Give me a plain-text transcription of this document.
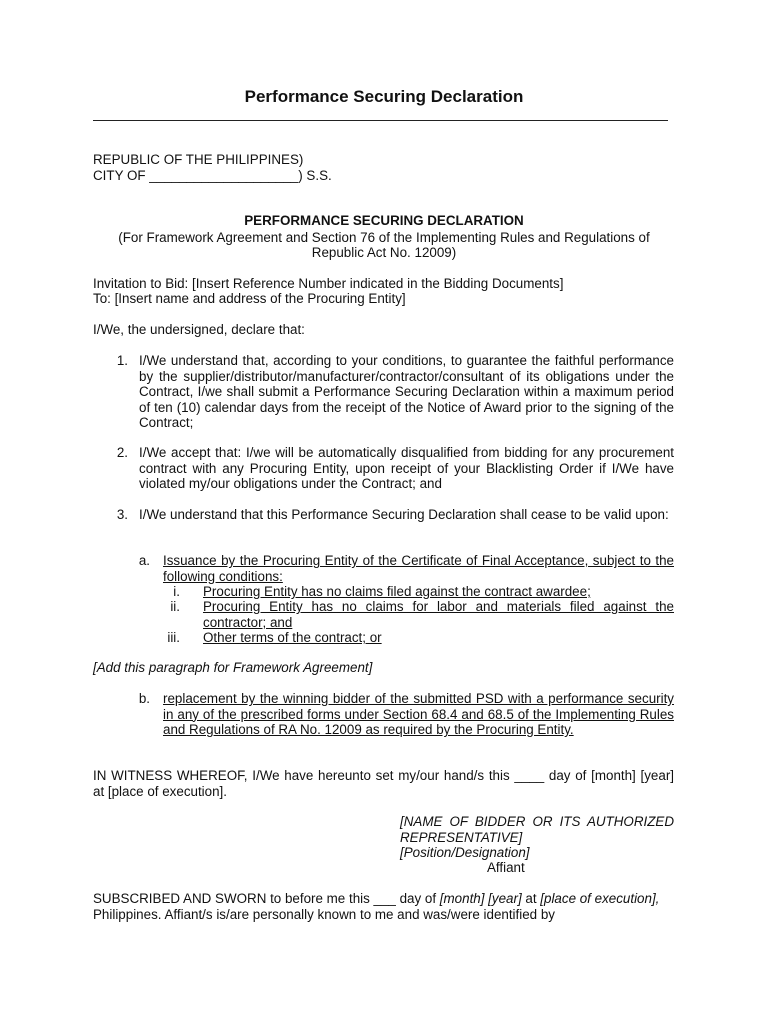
Performance Securing Declaration
REPUBLIC OF THE PHILIPPINES)
CITY OF ____________________) S.S.
PERFORMANCE SECURING DECLARATION
(For Framework Agreement and Section 76 of the Implementing Rules and Regulations of
Republic Act No. 12009)
Invitation to Bid: [Insert Reference Number indicated in the Bidding Documents]
To: [Insert name and address of the Procuring Entity]
I/We, the undersigned, declare that:
1. I/We understand that, according to your conditions, to guarantee the faithful performance by the supplier/distributor/manufacturer/contractor/consultant of its obligations under the Contract, I/we shall submit a Performance Securing Declaration within a maximum period of ten (10) calendar days from the receipt of the Notice of Award prior to the signing of the Contract;
2. I/We accept that: I/we will be automatically disqualified from bidding for any procurement contract with any Procuring Entity, upon receipt of your Blacklisting Order if I/We have violated my/our obligations under the Contract; and
3. I/We understand that this Performance Securing Declaration shall cease to be valid upon:
a. Issuance by the Procuring Entity of the Certificate of Final Acceptance, subject to the following conditions:
i. Procuring Entity has no claims filed against the contract awardee;
ii. Procuring Entity has no claims for labor and materials filed against the contractor; and
iii. Other terms of the contract; or
[Add this paragraph for Framework Agreement]
b. replacement by the winning bidder of the submitted PSD with a performance security in any of the prescribed forms under Section 68.4 and 68.5 of the Implementing Rules and Regulations of RA No. 12009 as required by the Procuring Entity.
IN WITNESS WHEREOF, I/We have hereunto set my/our hand/s this ____ day of [month] [year] at [place of execution].
[NAME OF BIDDER OR ITS AUTHORIZED REPRESENTATIVE]
[Position/Designation]
Affiant
SUBSCRIBED AND SWORN to before me this ___ day of [month] [year] at [place of execution], Philippines. Affiant/s is/are personally known to me and was/were identified by
